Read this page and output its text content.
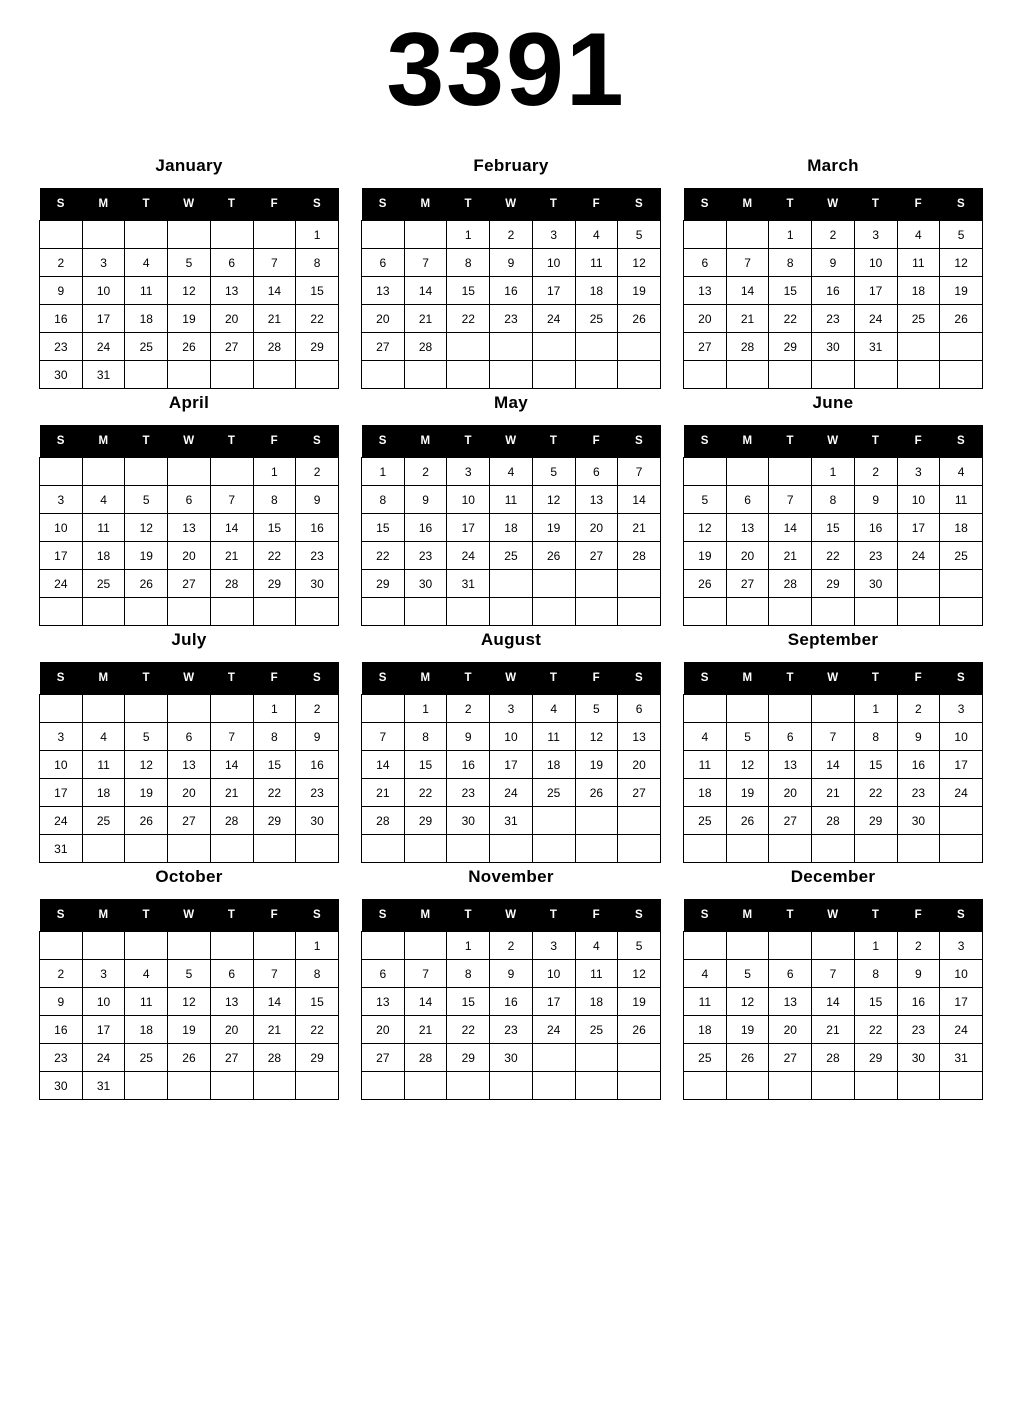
3391
January
S	M	T	W	T	F	S
						1
2	3	4	5	6	7	8
9	10	11	12	13	14	15
16	17	18	19	20	21	22
23	24	25	26	27	28	29
30	31					
February
S	M	T	W	T	F	S
		1	2	3	4	5
6	7	8	9	10	11	12
13	14	15	16	17	18	19
20	21	22	23	24	25	26
27	28					

March
S	M	T	W	T	F	S
		1	2	3	4	5
6	7	8	9	10	11	12
13	14	15	16	17	18	19
20	21	22	23	24	25	26
27	28	29	30	31		

April
S	M	T	W	T	F	S
					1	2
3	4	5	6	7	8	9
10	11	12	13	14	15	16
17	18	19	20	21	22	23
24	25	26	27	28	29	30

May
S	M	T	W	T	F	S
1	2	3	4	5	6	7
8	9	10	11	12	13	14
15	16	17	18	19	20	21
22	23	24	25	26	27	28
29	30	31				

June
S	M	T	W	T	F	S
			1	2	3	4
5	6	7	8	9	10	11
12	13	14	15	16	17	18
19	20	21	22	23	24	25
26	27	28	29	30		

July
S	M	T	W	T	F	S
					1	2
3	4	5	6	7	8	9
10	11	12	13	14	15	16
17	18	19	20	21	22	23
24	25	26	27	28	29	30
31						
August
S	M	T	W	T	F	S
	1	2	3	4	5	6
7	8	9	10	11	12	13
14	15	16	17	18	19	20
21	22	23	24	25	26	27
28	29	30	31			

September
S	M	T	W	T	F	S
				1	2	3
4	5	6	7	8	9	10
11	12	13	14	15	16	17
18	19	20	21	22	23	24
25	26	27	28	29	30	

October
S	M	T	W	T	F	S
						1
2	3	4	5	6	7	8
9	10	11	12	13	14	15
16	17	18	19	20	21	22
23	24	25	26	27	28	29
30	31					
November
S	M	T	W	T	F	S
		1	2	3	4	5
6	7	8	9	10	11	12
13	14	15	16	17	18	19
20	21	22	23	24	25	26
27	28	29	30			

December
S	M	T	W	T	F	S
				1	2	3
4	5	6	7	8	9	10
11	12	13	14	15	16	17
18	19	20	21	22	23	24
25	26	27	28	29	30	31
